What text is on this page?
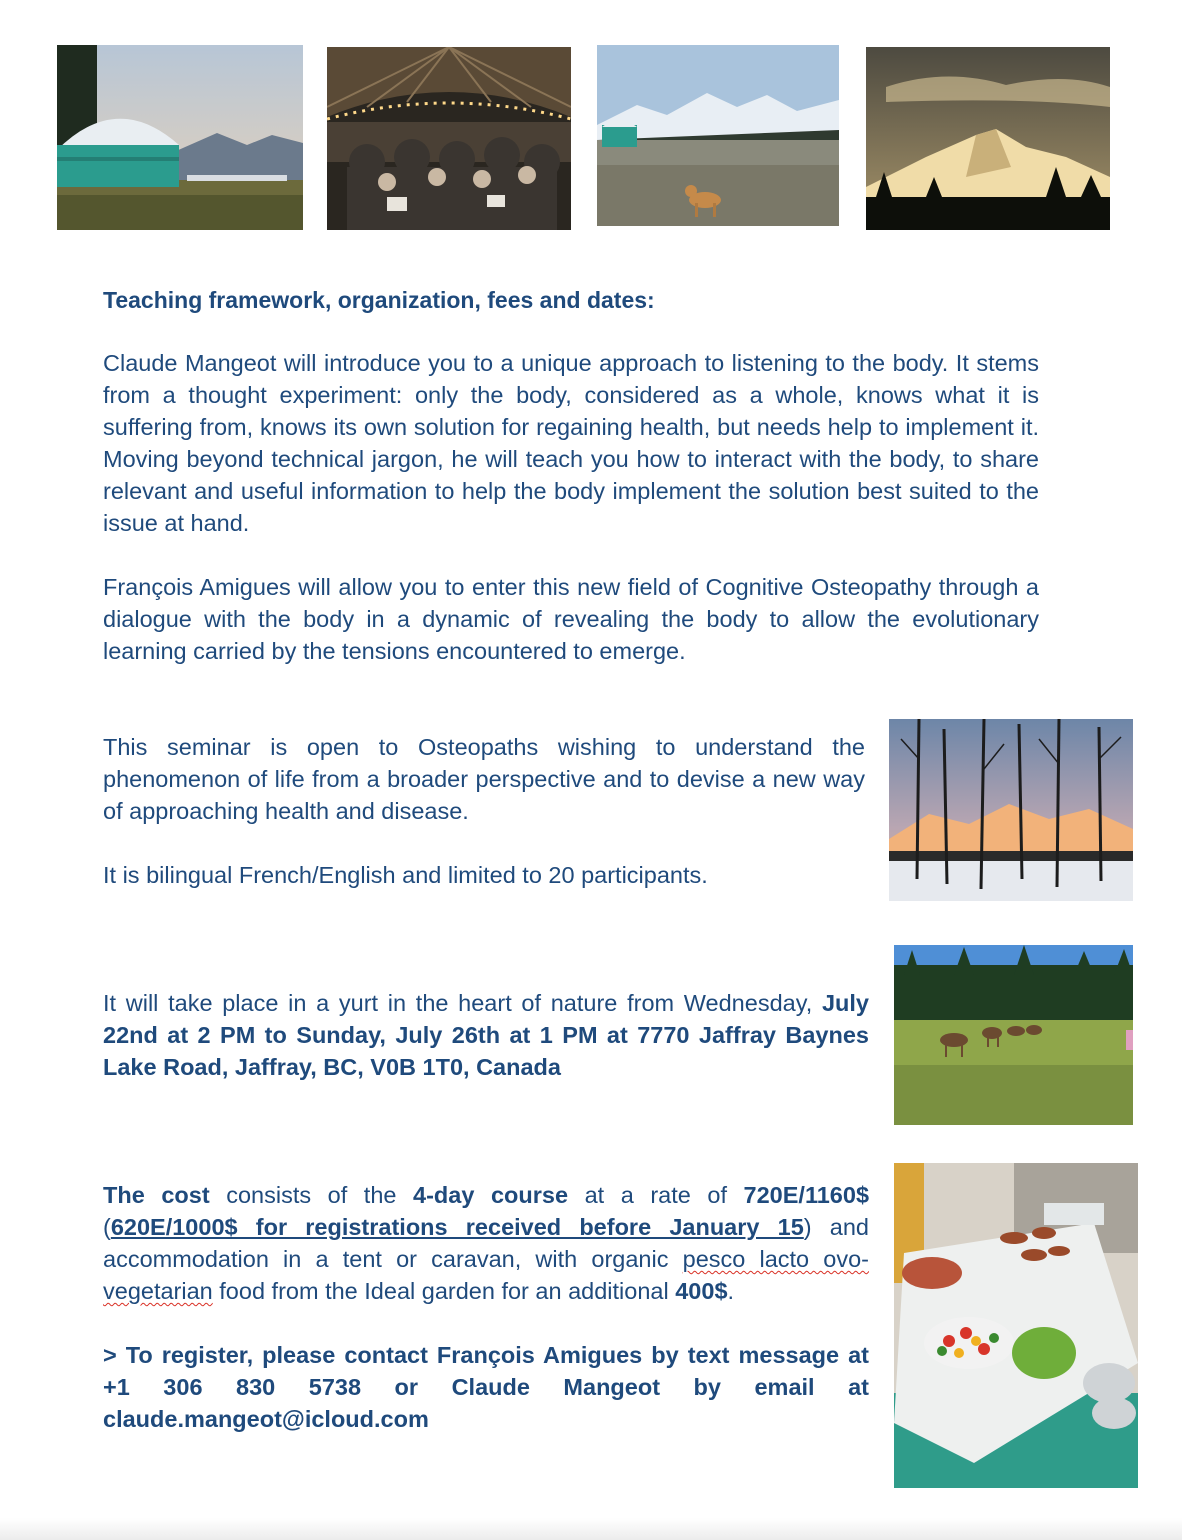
Teaching framework, organization, fees and dates:

Claude Mangeot will introduce you to a unique approach to listening to the body. It stems from a thought experiment: only the body, considered as a whole, knows what it is suffering from, knows its own solution for regaining health, but needs help to implement it. Moving beyond technical jargon, he will teach you how to interact with the body, to share relevant and useful information to help the body implement the solution best suited to the issue at hand.

François Amigues will allow you to enter this new field of Cognitive Osteopathy through a dialogue with the body in a dynamic of revealing the body to allow the evolutionary learning carried by the tensions encountered to emerge.

This seminar is open to Osteopaths wishing to understand the phenomenon of life from a broader perspective and to devise a new way of approaching health and disease.

It is bilingual French/English and limited to 20 participants.

It will take place in a yurt in the heart of nature from Wednesday, July 22nd at 2 PM to Sunday, July 26th at 1 PM at 7770 Jaffray Baynes Lake Road, Jaffray, BC, V0B 1T0, Canada

The cost consists of the 4-day course at a rate of 720E/1160$ (620E/1000$ for registrations received before January 15) and accommodation in a tent or caravan, with organic pesco lacto ovo-vegetarian food from the Ideal garden for an additional 400$.

> To register, please contact François Amigues by text message at +1 306 830 5738 or Claude Mangeot by email at claude.mangeot@icloud.com
